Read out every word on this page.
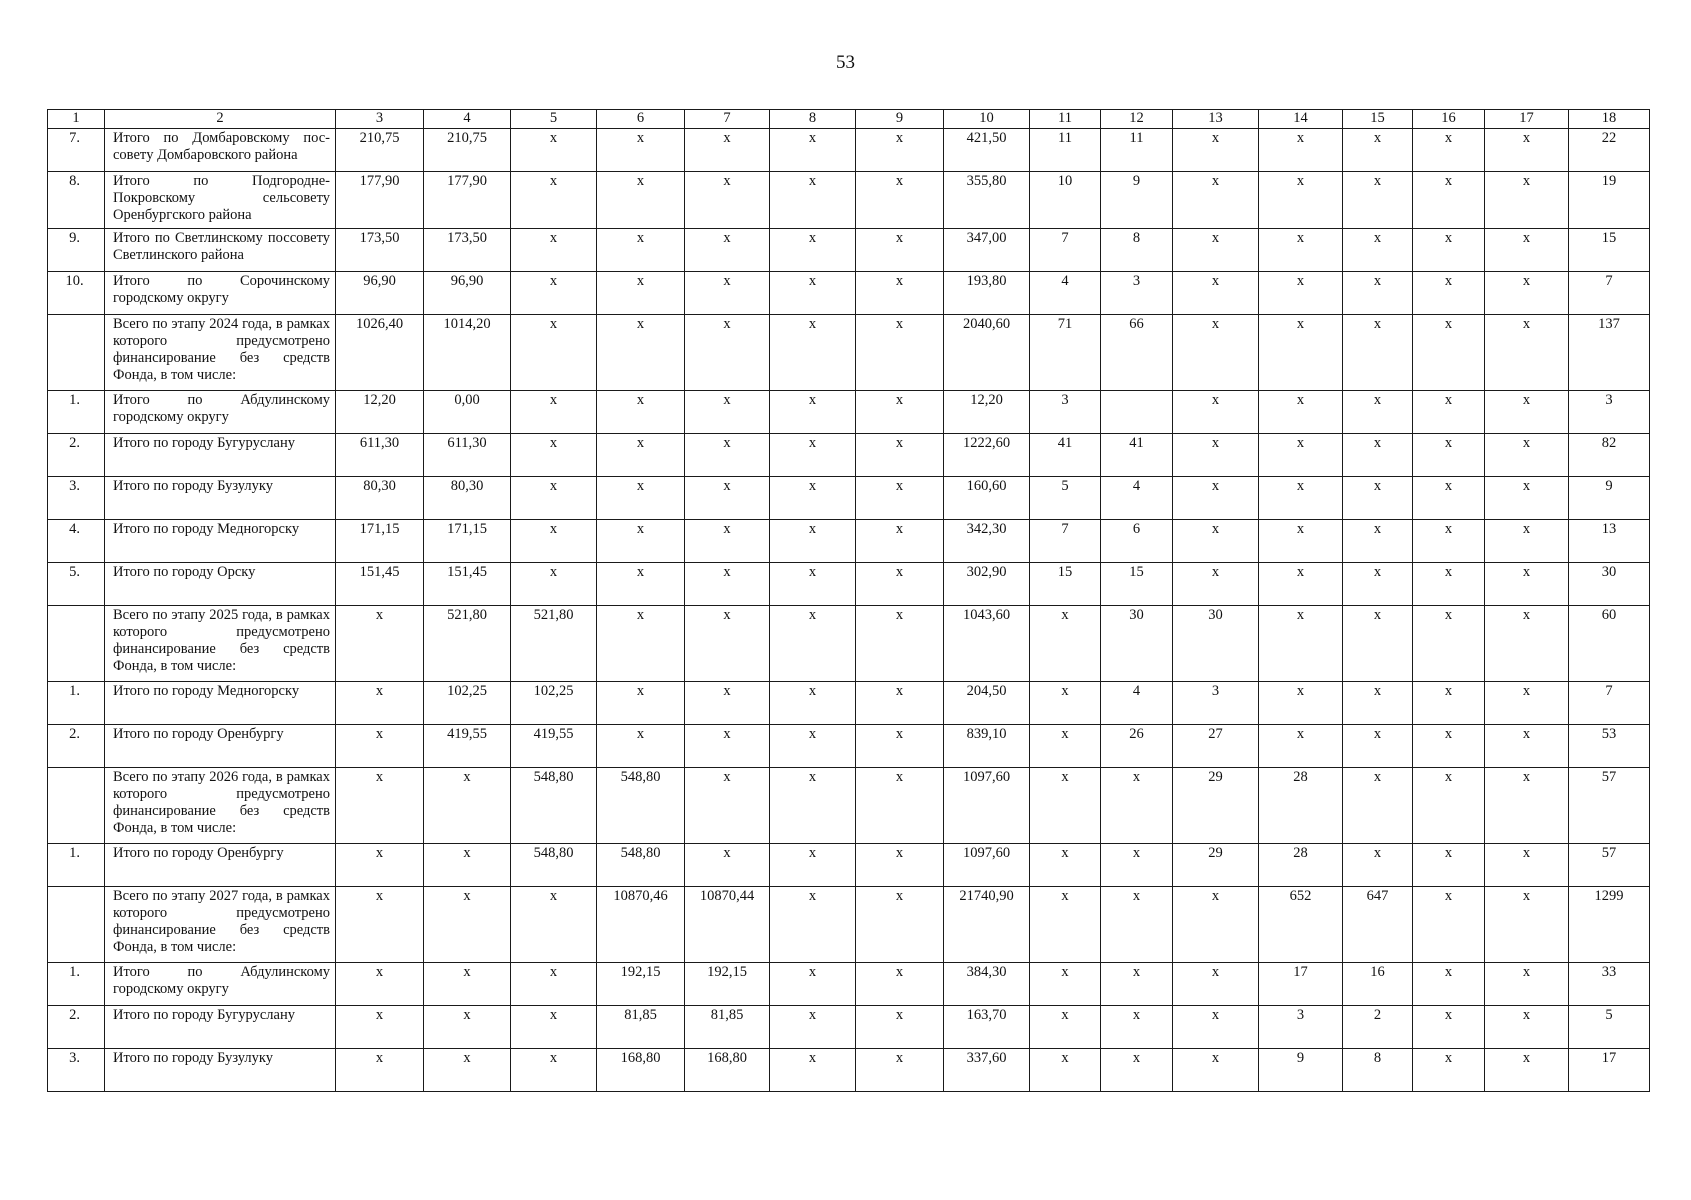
53
1	2	3	4	5	6	7	8	9	10	11	12	13	14	15	16	17	18
7.	Итого по Домбаровскому пос-советy Домбаровского района	210,75	210,75	x	x	x	x	x	421,50	11	11	x	x	x	x	x	22
8.	Итого по Подгородне-Покровскому сельсовету Оренбургского района	177,90	177,90	x	x	x	x	x	355,80	10	9	x	x	x	x	x	19
9.	Итого по Светлинскому поссовету Светлинского района	173,50	173,50	x	x	x	x	x	347,00	7	8	x	x	x	x	x	15
10.	Итого по Сорочинскому городскому округу	96,90	96,90	x	x	x	x	x	193,80	4	3	x	x	x	x	x	7
	Всего по этапу 2024 года, в рамках которого предусмотрено финансирование без средств Фонда, в том числе:	1026,40	1014,20	x	x	x	x	x	2040,60	71	66	x	x	x	x	x	137
1.	Итого по Абдулинскому городскому округу	12,20	0,00	x	x	x	x	x	12,20	3		x	x	x	x	x	3
2.	Итого по городу Бугуруслану	611,30	611,30	x	x	x	x	x	1222,60	41	41	x	x	x	x	x	82
3.	Итого по городу Бузулуку	80,30	80,30	x	x	x	x	x	160,60	5	4	x	x	x	x	x	9
4.	Итого по городу Медногорску	171,15	171,15	x	x	x	x	x	342,30	7	6	x	x	x	x	x	13
5.	Итого по городу Орску	151,45	151,45	x	x	x	x	x	302,90	15	15	x	x	x	x	x	30
	Всего по этапу 2025 года, в рамках которого предусмотрено финансирование без средств Фонда, в том числе:	x	521,80	521,80	x	x	x	x	1043,60	x	30	30	x	x	x	x	60
1.	Итого по городу Медногорску	x	102,25	102,25	x	x	x	x	204,50	x	4	3	x	x	x	x	7
2.	Итого по городу Оренбургу	x	419,55	419,55	x	x	x	x	839,10	x	26	27	x	x	x	x	53
	Всего по этапу 2026 года, в рамках которого предусмотрено финансирование без средств Фонда, в том числе:	x	x	548,80	548,80	x	x	x	1097,60	x	x	29	28	x	x	x	57
1.	Итого по городу Оренбургу	x	x	548,80	548,80	x	x	x	1097,60	x	x	29	28	x	x	x	57
	Всего по этапу 2027 года, в рамках которого предусмотрено финансирование без средств Фонда, в том числе:	x	x	x	10870,46	10870,44	x	x	21740,90	x	x	x	652	647	x	x	1299
1.	Итого по Абдулинскому городскому округу	x	x	x	192,15	192,15	x	x	384,30	x	x	x	17	16	x	x	33
2.	Итого по городу Бугуруслану	x	x	x	81,85	81,85	x	x	163,70	x	x	x	3	2	x	x	5
3.	Итого по городу Бузулуку	x	x	x	168,80	168,80	x	x	337,60	x	x	x	9	8	x	x	17
